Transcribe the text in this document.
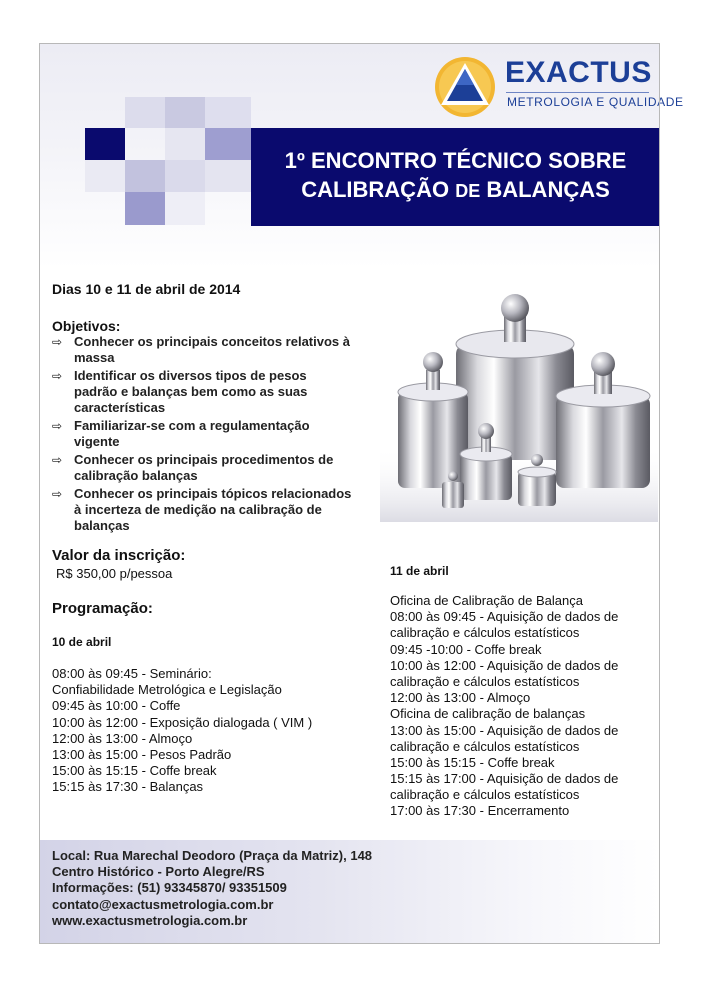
1º ENCONTRO TÉCNICO SOBRE
CALIBRAÇÃO DE BALANÇAS
EXACTUS
METROLOGIA E QUALIDADE
Dias 10 e 11 de abril de 2014
Objetivos:
⇨ Conhecer os principais conceitos relativos à
massa
⇨ Identificar os diversos tipos de pesos
padrão e balanças bem como as suas
características
⇨ Familiarizar-se com a regulamentação
vigente
⇨ Conhecer os principais procedimentos de
calibração balanças
⇨ Conhecer os principais tópicos relacionados
à incerteza de medição na calibração de
balanças
Valor da inscrição:
R$ 350,00 p/pessoa
Programação:
10 de abril
08:00 às 09:45 - Seminário:
Confiabilidade Metrológica e Legislação
09:45 às 10:00 - Coffe
10:00 às 12:00 - Exposição dialogada ( VIM )
12:00 às 13:00 - Almoço
13:00 às 15:00 - Pesos Padrão
15:00 às 15:15 - Coffe break
15:15 às 17:30 - Balanças
11 de abril
Oficina de Calibração de Balança
08:00 às 09:45 - Aquisição de dados de
calibração e cálculos estatísticos
09:45 -10:00 - Coffe break
10:00 às 12:00 - Aquisição de dados de
calibração e cálculos estatísticos
12:00 às 13:00 - Almoço
Oficina de calibração de balanças
13:00 às 15:00 - Aquisição de dados de
calibração e cálculos estatísticos
15:00 às 15:15 - Coffe break
15:15 às 17:00 - Aquisição de dados de
calibração e cálculos estatísticos
17:00 às 17:30 - Encerramento
Local: Rua Marechal Deodoro (Praça da Matriz), 148
Centro Histórico - Porto Alegre/RS
Informações: (51) 93345870/ 93351509
contato@exactusmetrologia.com.br
www.exactusmetrologia.com.br
